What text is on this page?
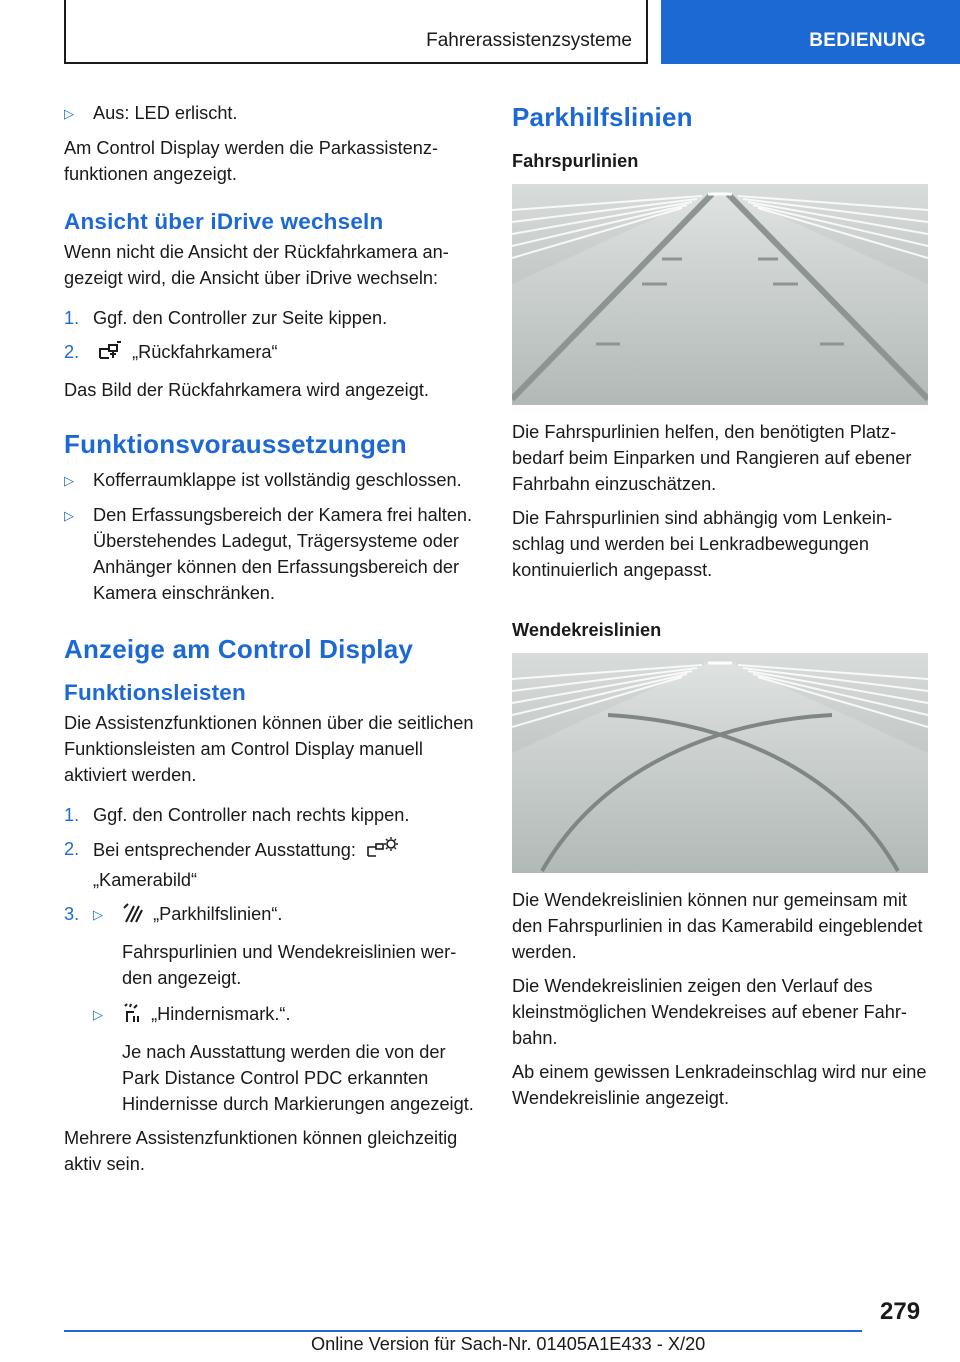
Fahrerassistenzsysteme	BEDIENUNG
▷	Aus: LED erlischt.

Am Control Display werden die Parkassistenzfunktionen angezeigt.

Ansicht über iDrive wechseln

Wenn nicht die Ansicht der Rückfahrkamera angezeigt wird, die Ansicht über iDrive wechseln:

1. Ggf. den Controller zur Seite kippen.
2.	„Rückfahrkamera“

Das Bild der Rückfahrkamera wird angezeigt.

Funktionsvoraussetzungen
▷	Kofferraumklappe ist vollständig geschlossen.
▷	Den Erfassungsbereich der Kamera frei halten. Überstehendes Ladegut, Trägersysteme oder Anhänger können den Erfassungsbereich der Kamera einschränken.
Anzeige am Control Display
Funktionsleisten

Die Assistenzfunktionen können über die seitlichen Funktionsleisten am Control Display manuell aktiviert werden.

1. Ggf. den Controller nach rechts kippen.
2. Bei entsprechender Ausstattung:
„Kamerabild“
3.	▷	„Parkhilfslinien“.
Fahrspurlinien und Wendekreislinien werden angezeigt.
▷	„Hindernismark.“.
Je nach Ausstattung werden die von der Park Distance Control PDC erkannten Hindernisse durch Markierungen angezeigt.

Mehrere Assistenzfunktionen können gleichzeitig aktiv sein.

Parkhilfslinien
Fahrspurlinien

Die Fahrspurlinien helfen, den benötigten Platzbedarf beim Einparken und Rangieren auf ebener Fahrbahn einzuschätzen.

Die Fahrspurlinien sind abhängig vom Lenkeinschlag und werden bei Lenkradbewegungen kontinuierlich angepasst.

Wendekreislinien

Die Wendekreislinien können nur gemeinsam mit den Fahrspurlinien in das Kamerabild eingeblendet werden.

Die Wendekreislinien zeigen den Verlauf des kleinstmöglichen Wendekreises auf ebener Fahrbahn.

Ab einem gewissen Lenkradeinschlag wird nur eine Wendekreislinie angezeigt.

279
Online Version für Sach-Nr. 01405A1E433 - X/20
